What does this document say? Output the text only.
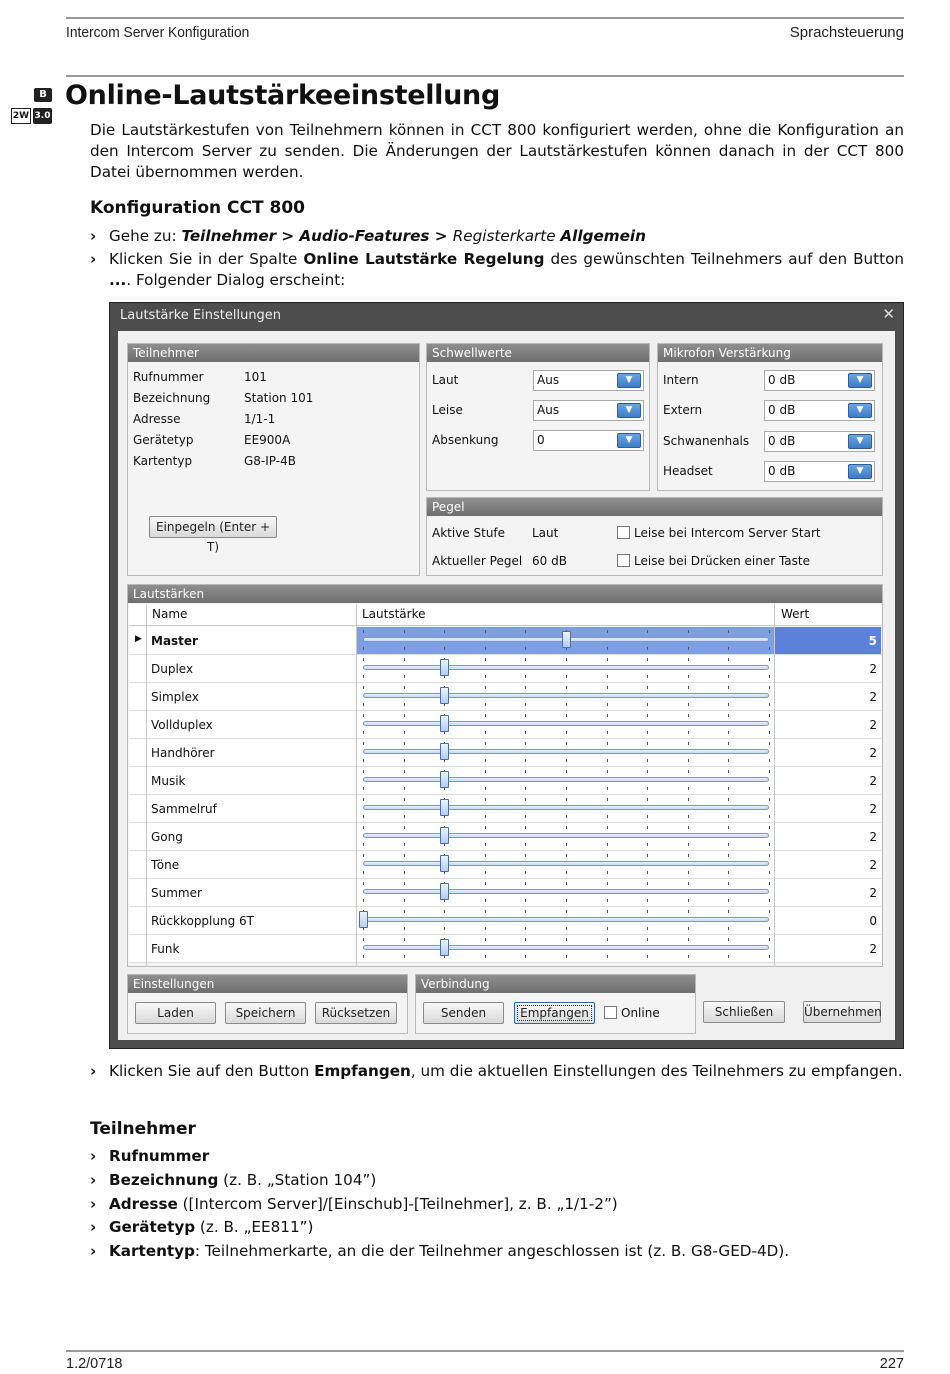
Intercom Server Konfiguration	Sprachsteuerung
B
2W 3.0
Online-Lautstärkeeinstellung
Die Lautstärkestufen von Teilnehmern können in CCT 800 konfiguriert werden, ohne die Konfiguration an den Intercom Server zu senden. Die Änderungen der Lautstärkestufen können danach in der CCT 800 Datei übernommen werden.
Konfiguration CCT 800
› Gehe zu: Teilnehmer > Audio-Features > Registerkarte Allgemein
› Klicken Sie in der Spalte Online Lautstärke Regelung des gewünschten Teilnehmers auf den Button .... Folgender Dialog erscheint:
Lautstärke Einstellungen	✕
Teilnehmer
Rufnummer	101
Bezeichnung	Station 101
Adresse	1/1-1
Gerätetyp	EE900A
Kartentyp	G8-IP-4B
Einpegeln (Enter + T)
Schwellwerte
Laut	Aus	▼
Leise	Aus	▼
Absenkung	0	▼
Mikrofon Verstärkung
Intern	0 dB	▼
Extern	0 dB	▼
Schwanenhals	0 dB	▼
Headset	0 dB	▼
Pegel
Aktive Stufe Laut
Aktueller Pegel 60 dB
Leise bei Intercom Server Start
Leise bei Drücken einer Taste
Lautstärken
Name	Lautstärke	Wert
▶ Master	5
Duplex	2
Simplex	2
Vollduplex	2
Handhörer	2
Musik	2
Sammelruf	2
Gong	2
Töne	2
Summer	2
Rückkopplung 6T	0
Funk	2
Einstellungen
Laden	Speichern	Rücksetzen
Verbindung
Senden	Empfangen	Online	Schließen	Übernehmen
› Klicken Sie auf den Button Empfangen, um die aktuellen Einstellungen des Teilnehmers zu empfangen.
Teilnehmer
› Rufnummer
› Bezeichnung (z. B. „Station 104”)
› Adresse ([Intercom Server]/[Einschub]-[Teilnehmer], z. B. „1/1-2”)
› Gerätetyp (z. B. „EE811”)
› Kartentyp: Teilnehmerkarte, an die der Teilnehmer angeschlossen ist (z. B. G8-GED-4D).
1.2/0718	227
